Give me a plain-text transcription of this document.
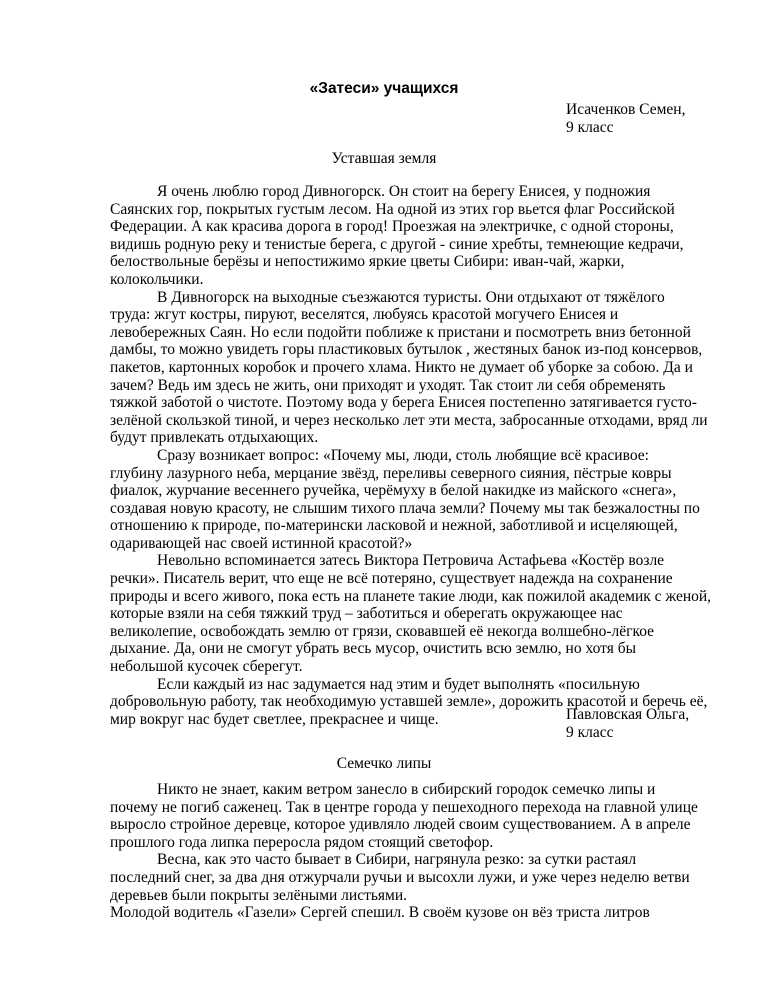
«Затеси» учащихся
Исаченков Семен,
9 класс
Уставшая земля
Я очень люблю город Дивногорск. Он стоит на берегу Енисея, у подножия
Саянских гор, покрытых густым лесом. На одной из этих гор вьется флаг Российской
Федерации. А как красива дорога в город! Проезжая на электричке, с одной стороны,
видишь родную реку и тенистые берега, с другой - синие хребты, темнеющие кедрачи,
белоствольные берёзы и непостижимо яркие цветы Сибири: иван-чай, жарки,
колокольчики.
В Дивногорск на выходные съезжаются туристы. Они отдыхают от тяжёлого
труда: жгут костры, пируют, веселятся, любуясь красотой могучего Енисея и
левобережных Саян. Но если подойти поближе к пристани и посмотреть вниз бетонной
дамбы, то можно увидеть горы пластиковых бутылок , жестяных банок из-под консервов,
пакетов, картонных коробок и прочего хлама. Никто не думает об уборке за собою. Да и
зачем? Ведь им здесь не жить, они приходят и уходят. Так стоит ли себя обременять
тяжкой заботой о чистоте. Поэтому вода у берега Енисея постепенно затягивается густо-
зелёной скользкой тиной, и через несколько лет эти места, забросанные отходами, вряд ли
будут привлекать отдыхающих.
Сразу возникает вопрос: «Почему мы, люди, столь любящие всё красивое:
глубину лазурного неба, мерцание звёзд, переливы северного сияния, пёстрые ковры
фиалок, журчание весеннего ручейка, черёмуху в белой накидке из майского «снега»,
создавая новую красоту, не слышим тихого плача земли? Почему мы так безжалостны по
отношению к природе, по-матерински ласковой и нежной, заботливой и исцеляющей,
одаривающей нас своей истинной красотой?»
Невольно вспоминается затесь Виктора Петровича Астафьева «Костёр возле
речки». Писатель верит, что еще не всё потеряно, существует надежда на сохранение
природы и всего живого, пока есть на планете такие люди, как пожилой академик с женой,
которые взяли на себя тяжкий труд – заботиться и оберегать окружающее нас
великолепие, освобождать землю от грязи, сковавшей её некогда волшебно-лёгкое
дыхание. Да, они не смогут убрать весь мусор, очистить всю землю, но хотя бы
небольшой кусочек сберегут.
Если каждый из нас задумается над этим и будет выполнять «посильную
добровольную работу, так необходимую уставшей земле», дорожить красотой и беречь её,
мир вокруг нас будет светлее, прекраснее и чище.	Павловская Ольга,
9 класс
Семечко липы
Никто не знает, каким ветром занесло в сибирский городок семечко липы и
почему не погиб саженец. Так в центре города у пешеходного перехода на главной улице
выросло стройное деревце, которое удивляло людей своим существованием. А в апреле
прошлого года липка переросла рядом стоящий светофор.
Весна, как это часто бывает в Сибири, нагрянула резко: за сутки растаял
последний снег, за два дня отжурчали ручьи и высохли лужи, и уже через неделю ветви
деревьев были покрыты зелёными листьями.
Молодой водитель «Газели» Сергей спешил. В своём кузове он вёз триста литров
